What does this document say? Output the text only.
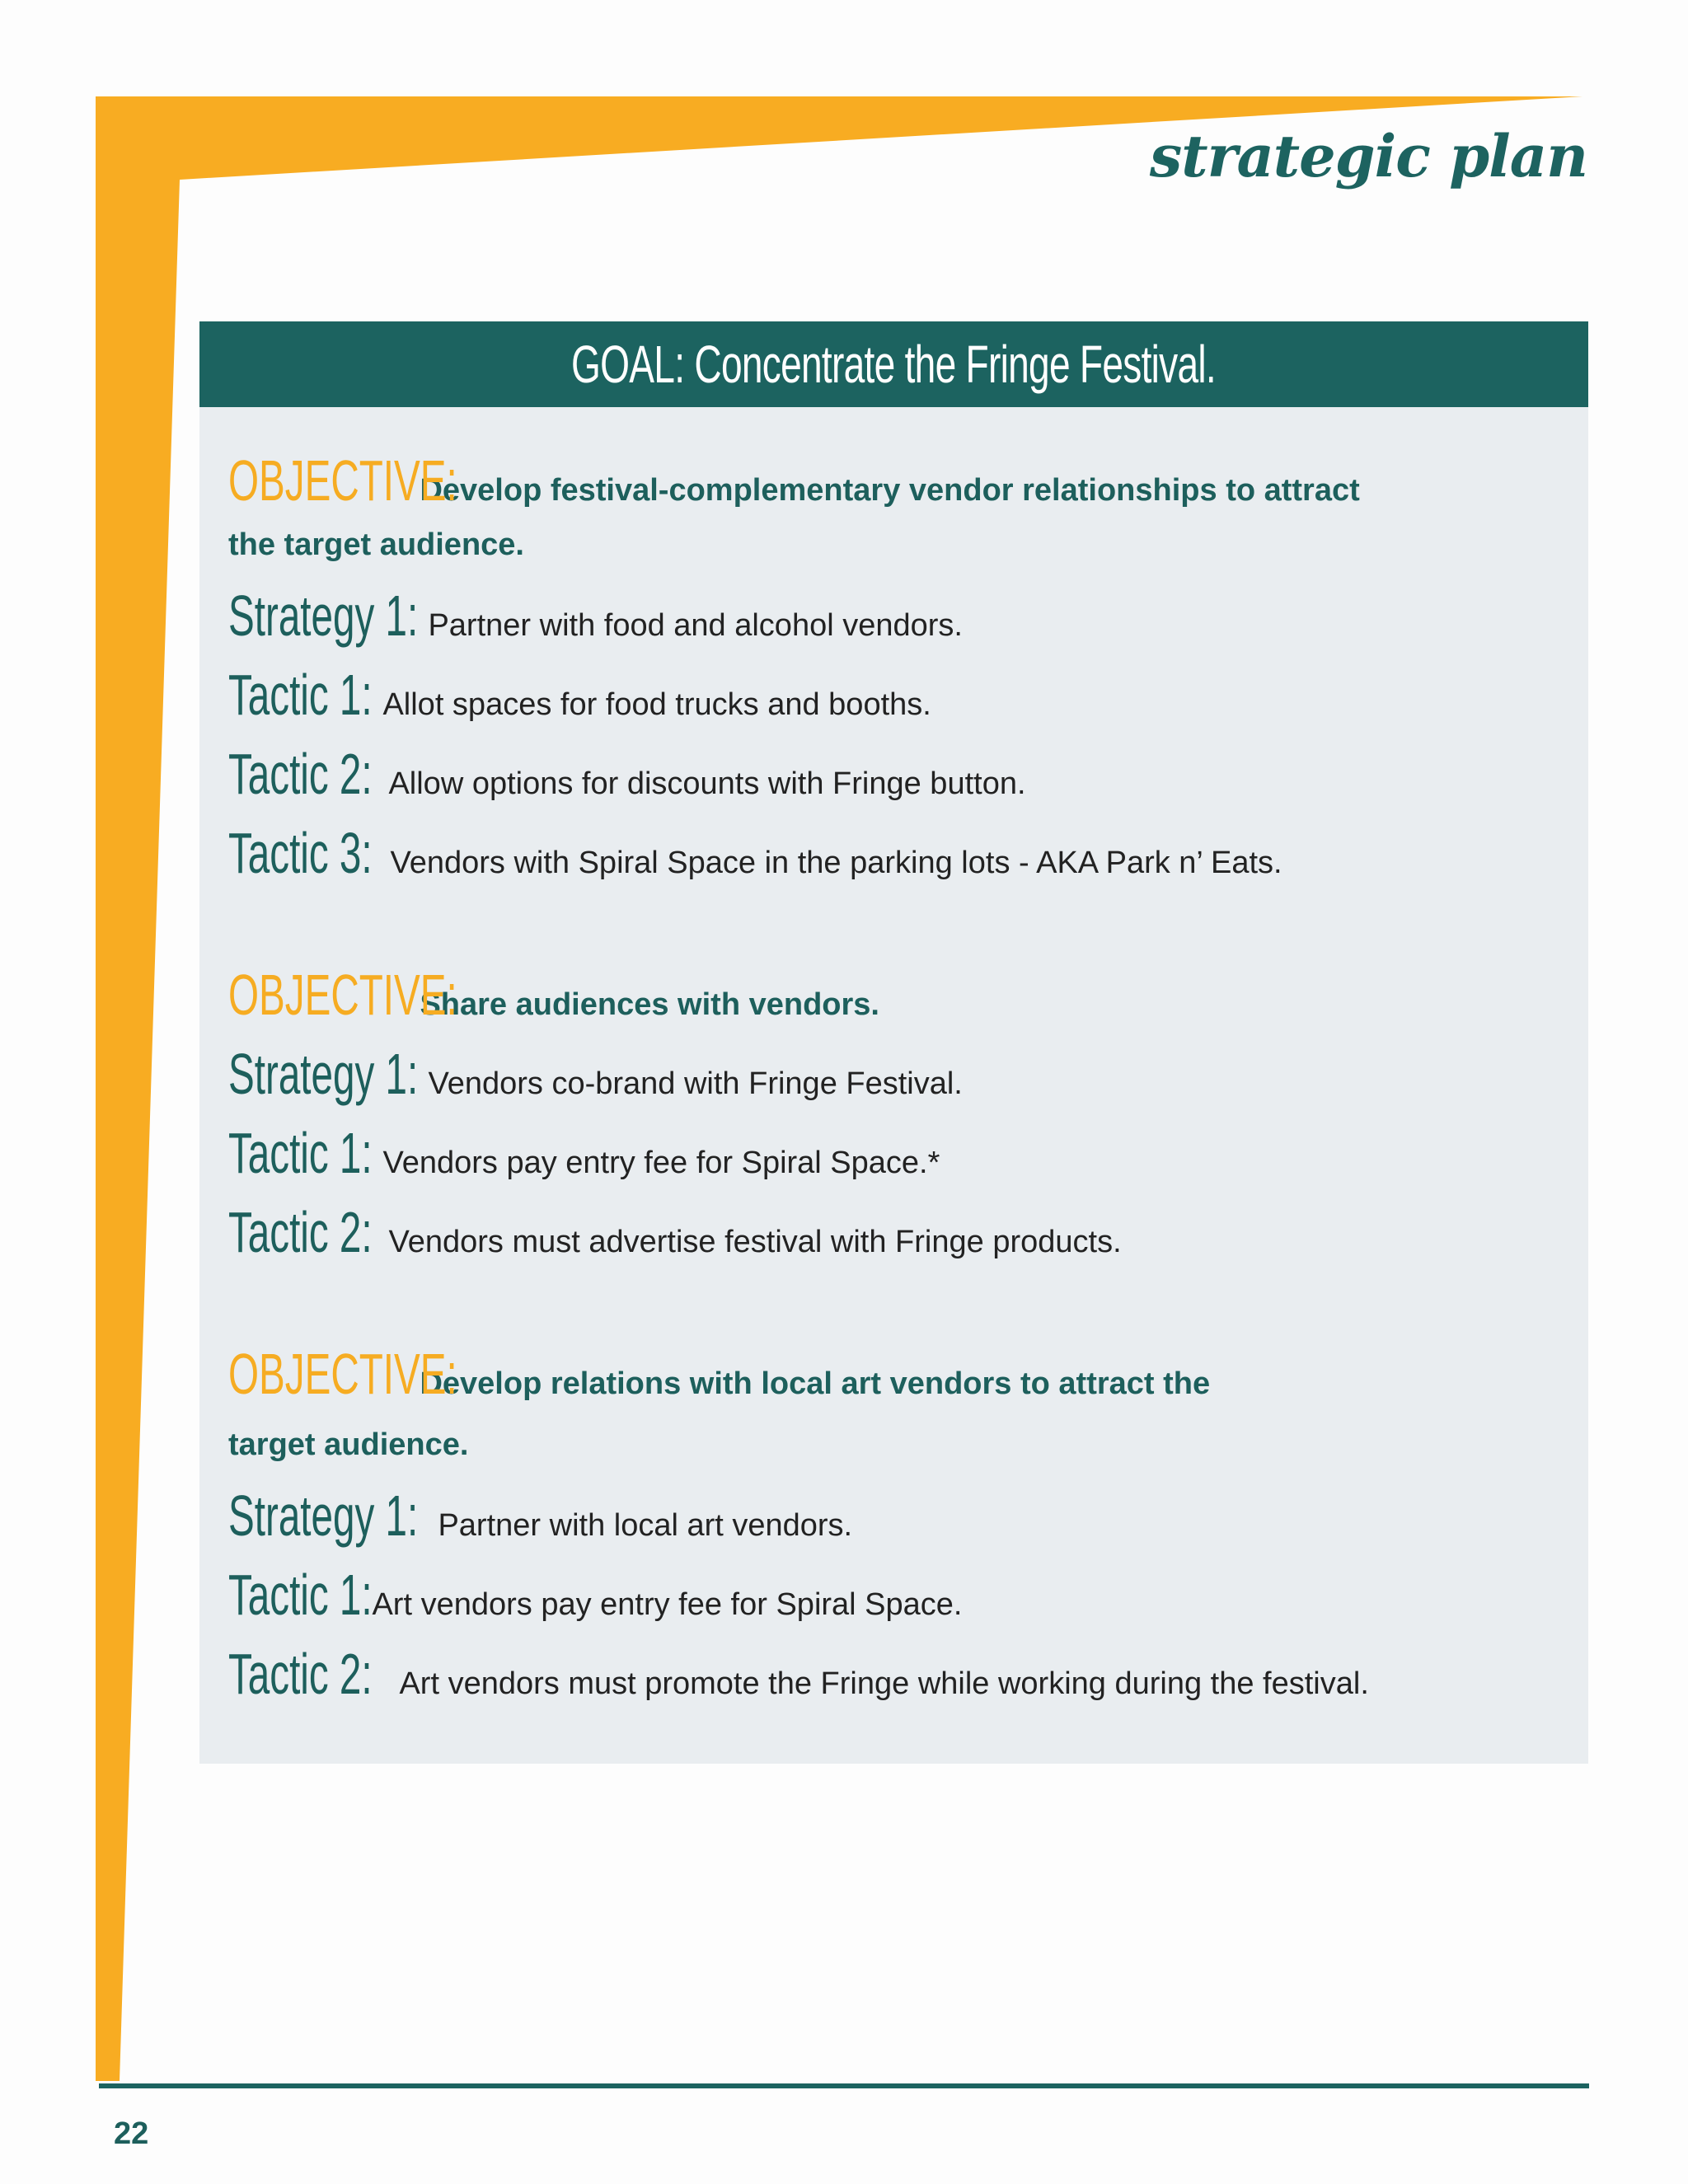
strategic plan
GOAL: Concentrate the Fringe Festival.
OBJECTIVE: Develop festival-complementary vendor relationships to attract
the target audience.
Strategy 1: Partner with food and alcohol vendors.
Tactic 1: Allot spaces for food trucks and booths.
Tactic 2: Allow options for discounts with Fringe button.
Tactic 3: Vendors with Spiral Space in the parking lots - AKA Park n’ Eats.
OBJECTIVE: Share audiences with vendors.
Strategy 1: Vendors co-brand with Fringe Festival.
Tactic 1: Vendors pay entry fee for Spiral Space.*
Tactic 2: Vendors must advertise festival with Fringe products.
OBJECTIVE: Develop relations with local art vendors to attract the
target audience.
Strategy 1: Partner with local art vendors.
Tactic 1: Art vendors pay entry fee for Spiral Space.
Tactic 2: Art vendors must promote the Fringe while working during the festival.
22
